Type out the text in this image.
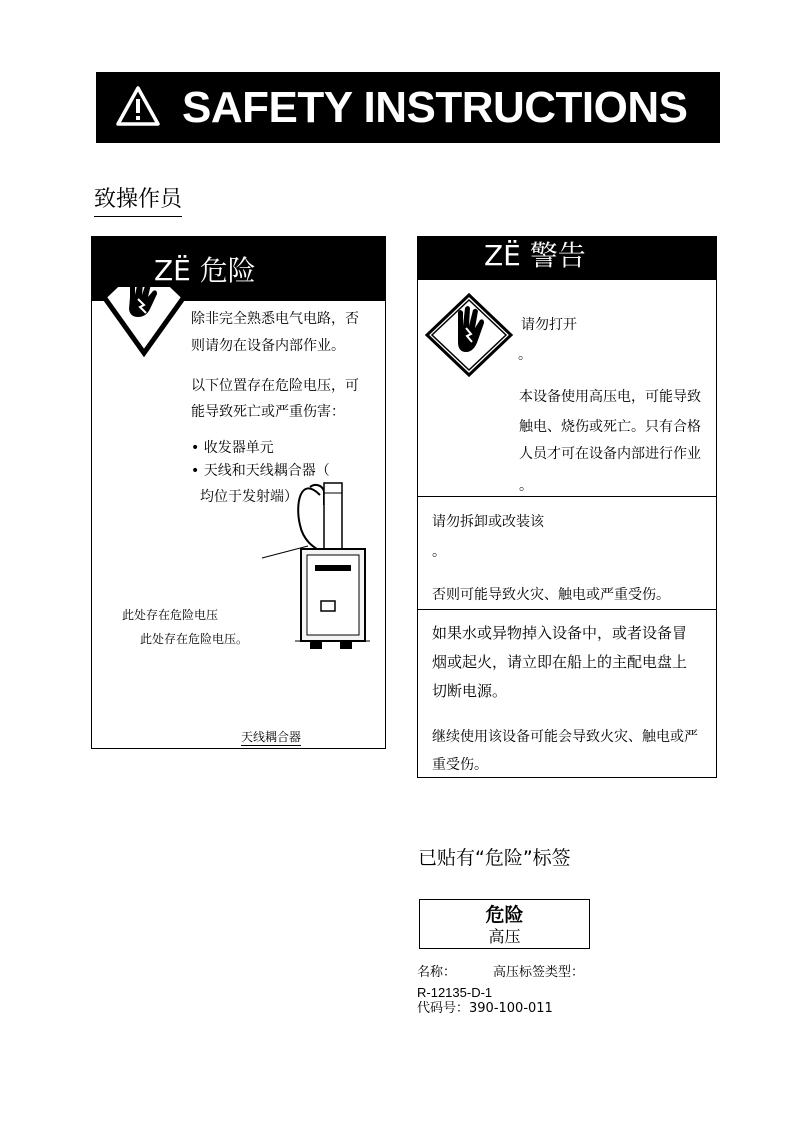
SAFETY INSTRUCTIONS
致操作员
ZË 危险
除非完全熟悉电气电路，否
则请勿在设备内部作业。
以下位置存在危险电压，可
能导致死亡或严重伤害：
• 收发器单元
• 天线和天线耦合器（
均位于发射端）
此处存在危险电压
此处存在危险电压。
天线耦合器
ZË 警告
请勿打开
。
本设备使用高压电，可能导致
触电、烧伤或死亡。只有合格
人员才可在设备内部进行作业
。
请勿拆卸或改装该
。
否则可能导致火灾、触电或严重受伤。
如果水或异物掉入设备中，或者设备冒
烟或起火，请立即在船上的主配电盘上
切断电源。
继续使用该设备可能会导致火灾、触电或严
重受伤。
已贴有“危险”标签
危险
高压
名称：	高压标签类型：
R-12135-D-1
代码号：390-100-011
